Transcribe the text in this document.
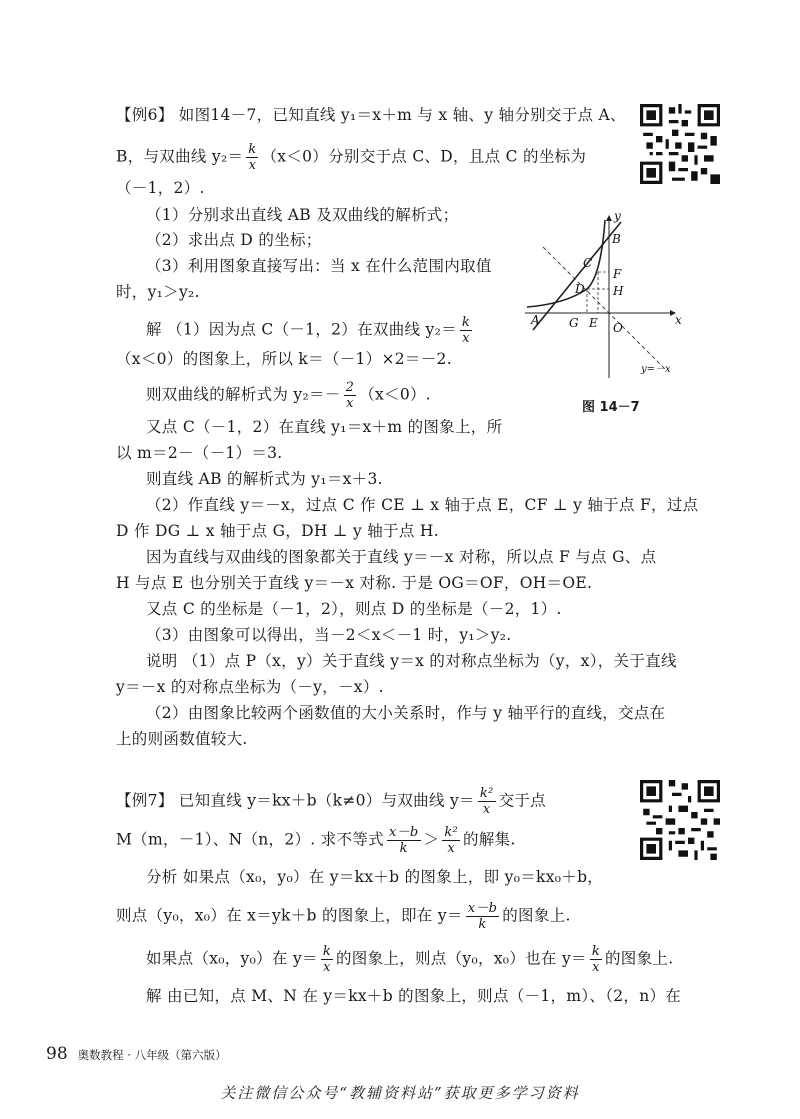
【例6】 如图14－7，已知直线 y₁＝x＋m 与 x 轴、y 轴分别交于点 A、
B，与双曲线 $y_2= \frac{k}{x} (x<0)$分别交于点 C、D，且点 C 的坐标为
（－1，2）.
（1）分别求出直线 AB 及双曲线的解析式；
（2）求出点 D 的坐标；
（3）利用图象直接写出：当 x 在什么范围内取值
时，y₁＞y₂.
解 （1）因为点 C（－1，2）在双曲线 $y_2= \frac{k}{x}$
（x＜0）的图象上，所以 k＝（－1）×2＝－2.
则双曲线的解析式为 $y_2=- \frac{2}{x} (x<0)$.
又点 C（－1，2）在直线 y₁＝x＋m 的图象上，所
以 m＝2－（－1）＝3.
则直线 AB 的解析式为 y₁＝x＋3.
（2）作直线 y＝－x，过点 C 作 CE ⊥ x 轴于点 E，CF ⊥ y 轴于点 F，过点
D 作 DG ⊥ x 轴于点 G，DH ⊥ y 轴于点 H.
因为直线与双曲线的图象都关于直线 y＝－x 对称，所以点 F 与点 G、点
H 与点 E 也分别关于直线 y＝－x 对称. 于是 OG＝OF，OH＝OE.
又点 C 的坐标是（－1，2），则点 D 的坐标是（－2，1）.
（3）由图象可以得出，当－2＜x＜－1 时，y₁＞y₂.
说明 （1）点 P（x，y）关于直线 y＝x 的对称点坐标为（y，x），关于直线
y＝－x 的对称点坐标为（－y，－x）.
（2）由图象比较两个函数值的大小关系时，作与 y 轴平行的直线，交点在
上的则函数值较大.
y
x
B
C
F
D H
A G E O
y=－x
图 14－7
【例7】 已知直线 y＝kx＋b（k≠0）与双曲线 $y= \frac{\text{k²}}{x}$ 交于点
M（m，－1）、N（n，2）. 求不等式 $\frac{x-b}{k} > \frac{\text{k²}}{x}$ 的解集.
分析 如果点（x₀，y₀）在 y＝kx＋b 的图象上，即 y₀＝kx₀＋b，
则点（y₀，x₀）在 x＝yk＋b 的图象上，即在 $y= \frac{x-b}{k}$ 的图象上.
如果点（x₀，y₀）在 $y= \frac{k}{x}$ 的图象上，则点（y₀，x₀）也在 $y= \frac{k}{x}$ 的图象上.
解 由已知，点 M、N 在 y＝kx＋b 的图象上，则点（－1，m）、（2，n）在
98 奥数教程 · 八年级（第六版）
关注微信公众号“教辅资料站”获取更多学习资料
